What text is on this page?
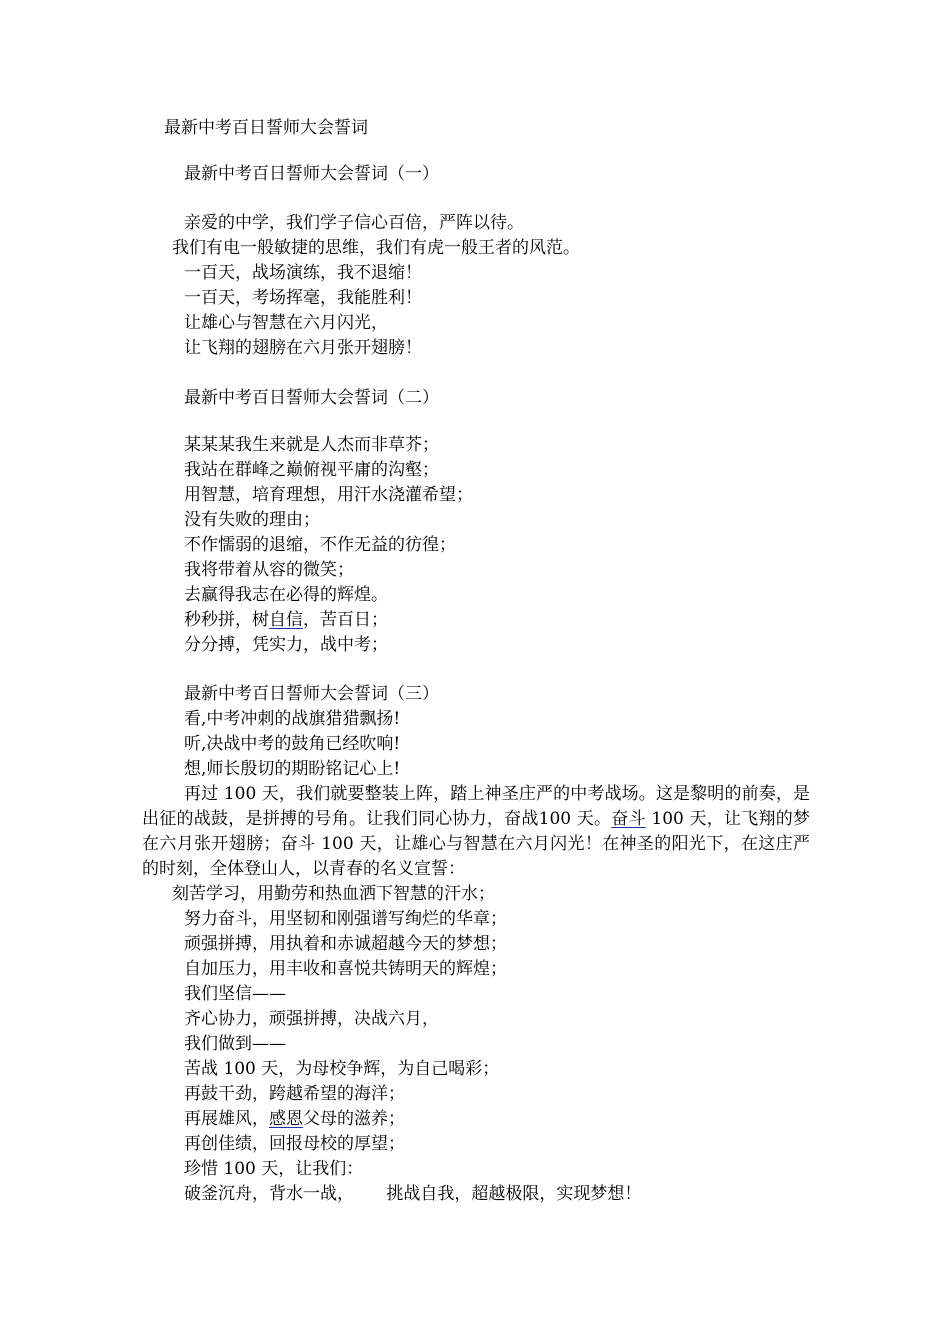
最新中考百日誓师大会誓词
最新中考百日誓师大会誓词（一）
亲爱的中学，我们学子信心百倍，严阵以待。
我们有电一般敏捷的思维，我们有虎一般王者的风范。
一百天，战场演练，我不退缩！
一百天，考场挥毫，我能胜利！
让雄心与智慧在六月闪光，
让飞翔的翅膀在六月张开翅膀！
最新中考百日誓师大会誓词（二）
某某某我生来就是人杰而非草芥；
我站在群峰之巅俯视平庸的沟壑；
用智慧，培育理想，用汗水浇灌希望；
没有失败的理由；
不作懦弱的退缩，不作无益的彷徨；
我将带着从容的微笑；
去赢得我志在必得的辉煌。
秒秒拼，树自信，苦百日；
分分搏，凭实力，战中考；
最新中考百日誓师大会誓词（三）
看,中考冲刺的战旗猎猎飘扬!
听,决战中考的鼓角已经吹响!
想,师长殷切的期盼铭记心上!
再过 100 天，我们就要整装上阵，踏上神圣庄严的中考战场。这是黎明的前奏，是出征的战鼓，是拼搏的号角。让我们同心协力，奋战100 天。奋斗 100 天，让飞翔的梦在六月张开翅膀；奋斗 100 天，让雄心与智慧在六月闪光！在神圣的阳光下，在这庄严的时刻，全体登山人，以青春的名义宣誓：
刻苦学习，用勤劳和热血洒下智慧的汗水；
努力奋斗，用坚韧和刚强谱写绚烂的华章；
顽强拼搏，用执着和赤诚超越今天的梦想；
自加压力，用丰收和喜悦共铸明天的辉煌；
我们坚信——
齐心协力，顽强拼搏，决战六月，
我们做到——
苦战 100 天，为母校争辉，为自己喝彩；
再鼓干劲，跨越希望的海洋；
再展雄风，感恩父母的滋养；
再创佳绩，回报母校的厚望；
珍惜 100 天，让我们：
破釜沉舟，背水一战，      挑战自我，超越极限，实现梦想！
